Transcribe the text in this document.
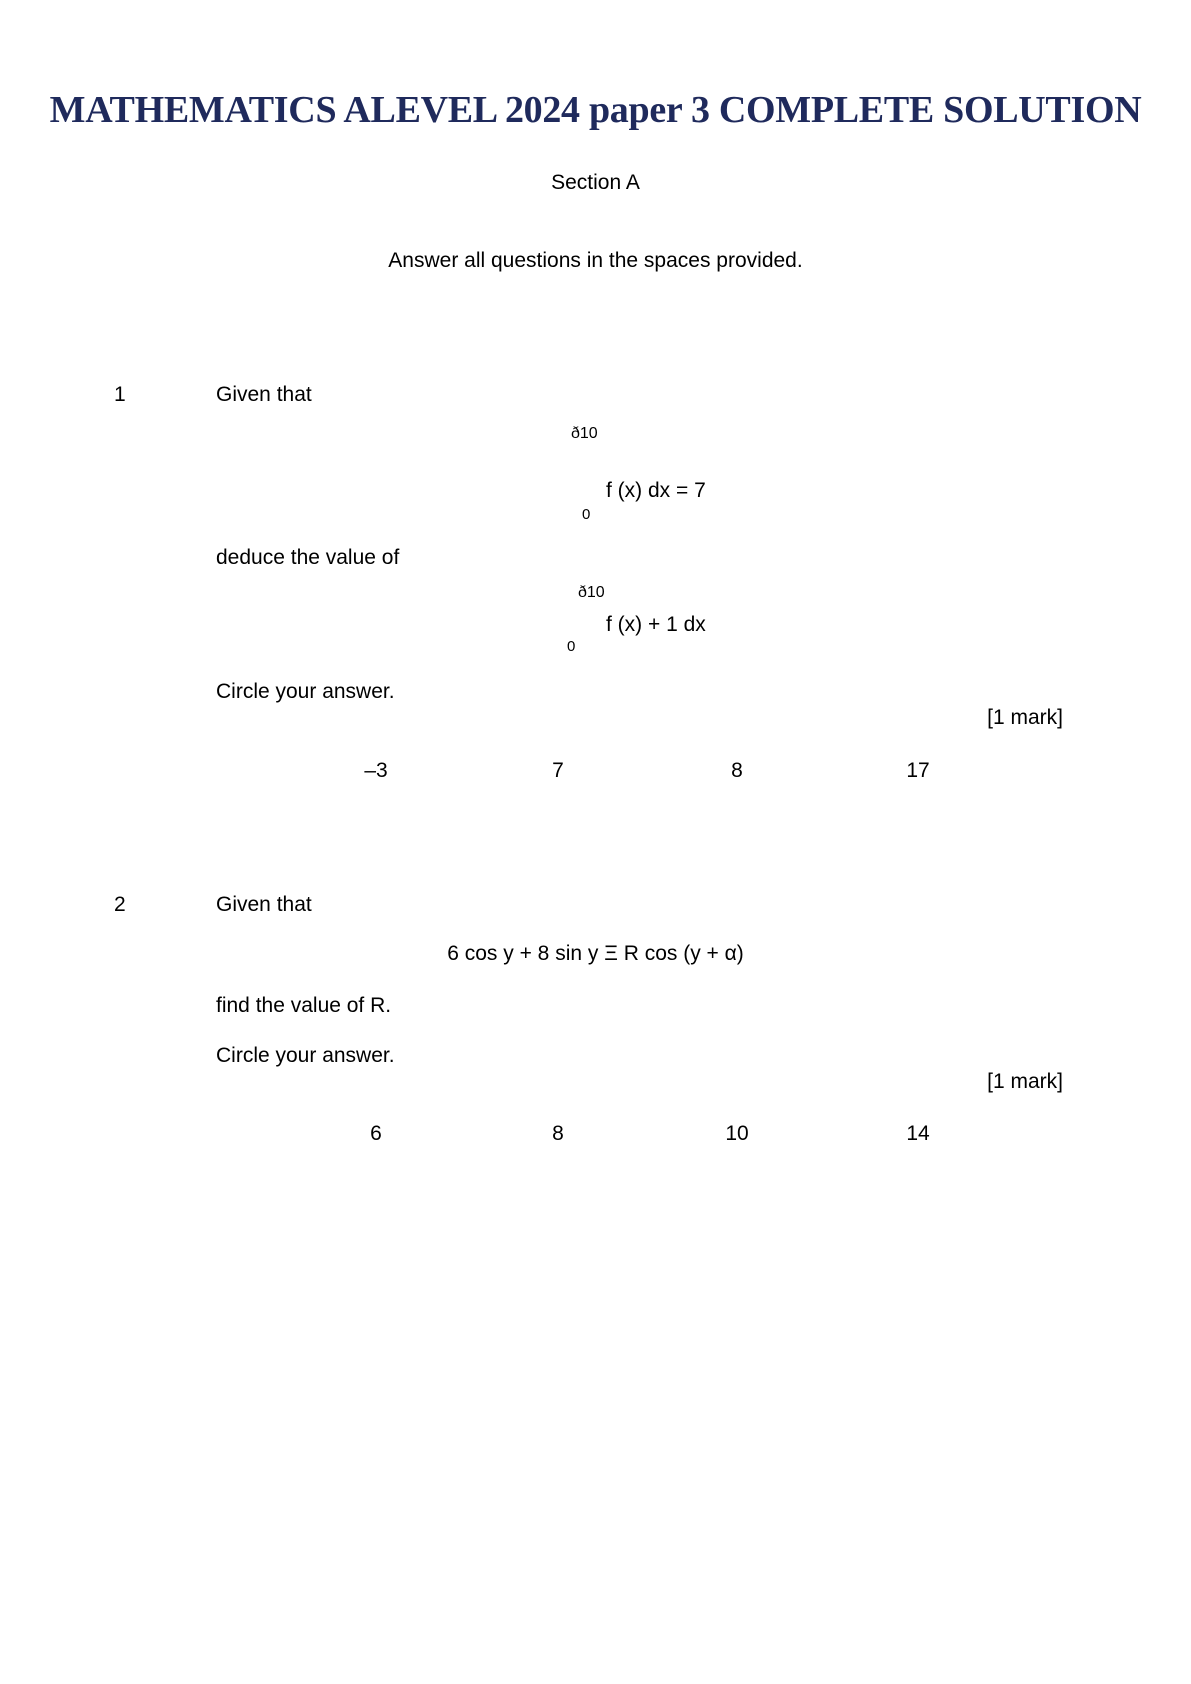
MATHEMATICS ALEVEL 2024 paper 3 COMPLETE SOLUTION
Section A
Answer all questions in the spaces provided.
1	Given that
ð10
0
f (x) dx = 7
deduce the value of
ð10
0
f (x) + 1 dx
Circle your answer.
[1 mark]
–3	7	8	17
2	Given that
6 cos y + 8 sin y Ξ R cos (y + α)
find the value of R.
Circle your answer.
[1 mark]
6	8	10	14
